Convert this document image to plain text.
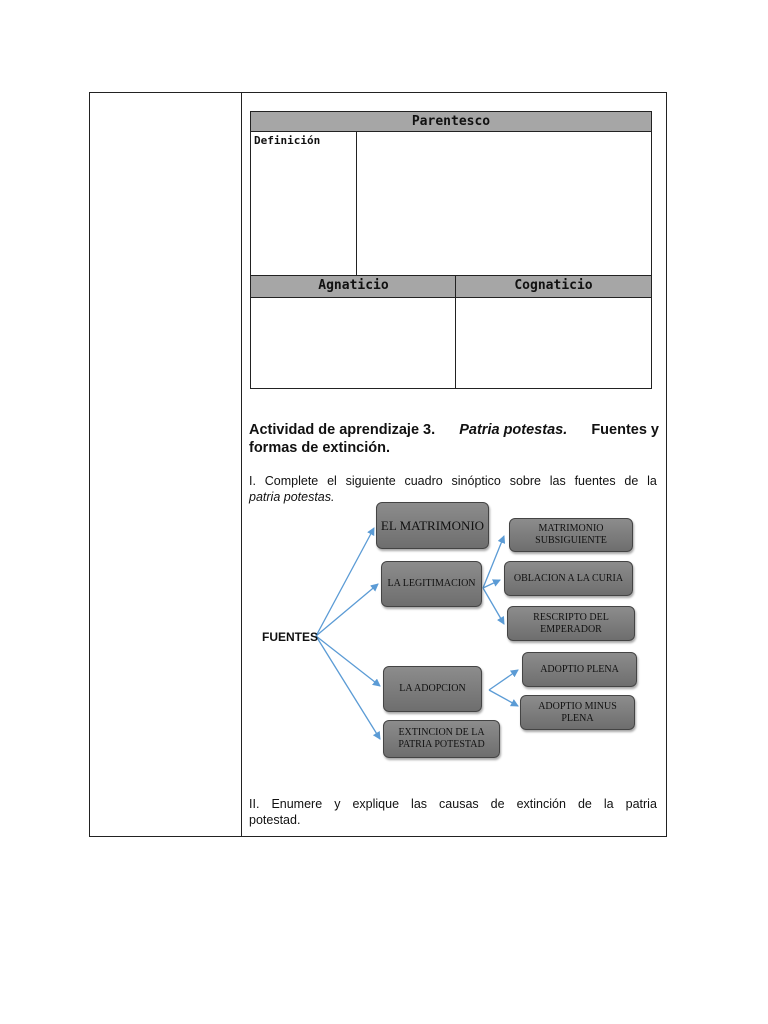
Parentesco
Definición
Agnaticio	Cognaticio
Actividad de aprendizaje 3. Patria potestas. Fuentes y
formas de extinción.
I. Complete el siguiente cuadro sinóptico sobre las fuentes de la
patria potestas.
FUENTES
EL MATRIMONIO
LA LEGITIMACION
LA ADOPCION
EXTINCION DE LA PATRIA POTESTAD
MATRIMONIO SUBSIGUIENTE
OBLACION A LA CURIA
RESCRIPTO DEL EMPERADOR
ADOPTIO PLENA
ADOPTIO MINUS PLENA
II. Enumere y explique las causas de extinción de la patria
potestad.
